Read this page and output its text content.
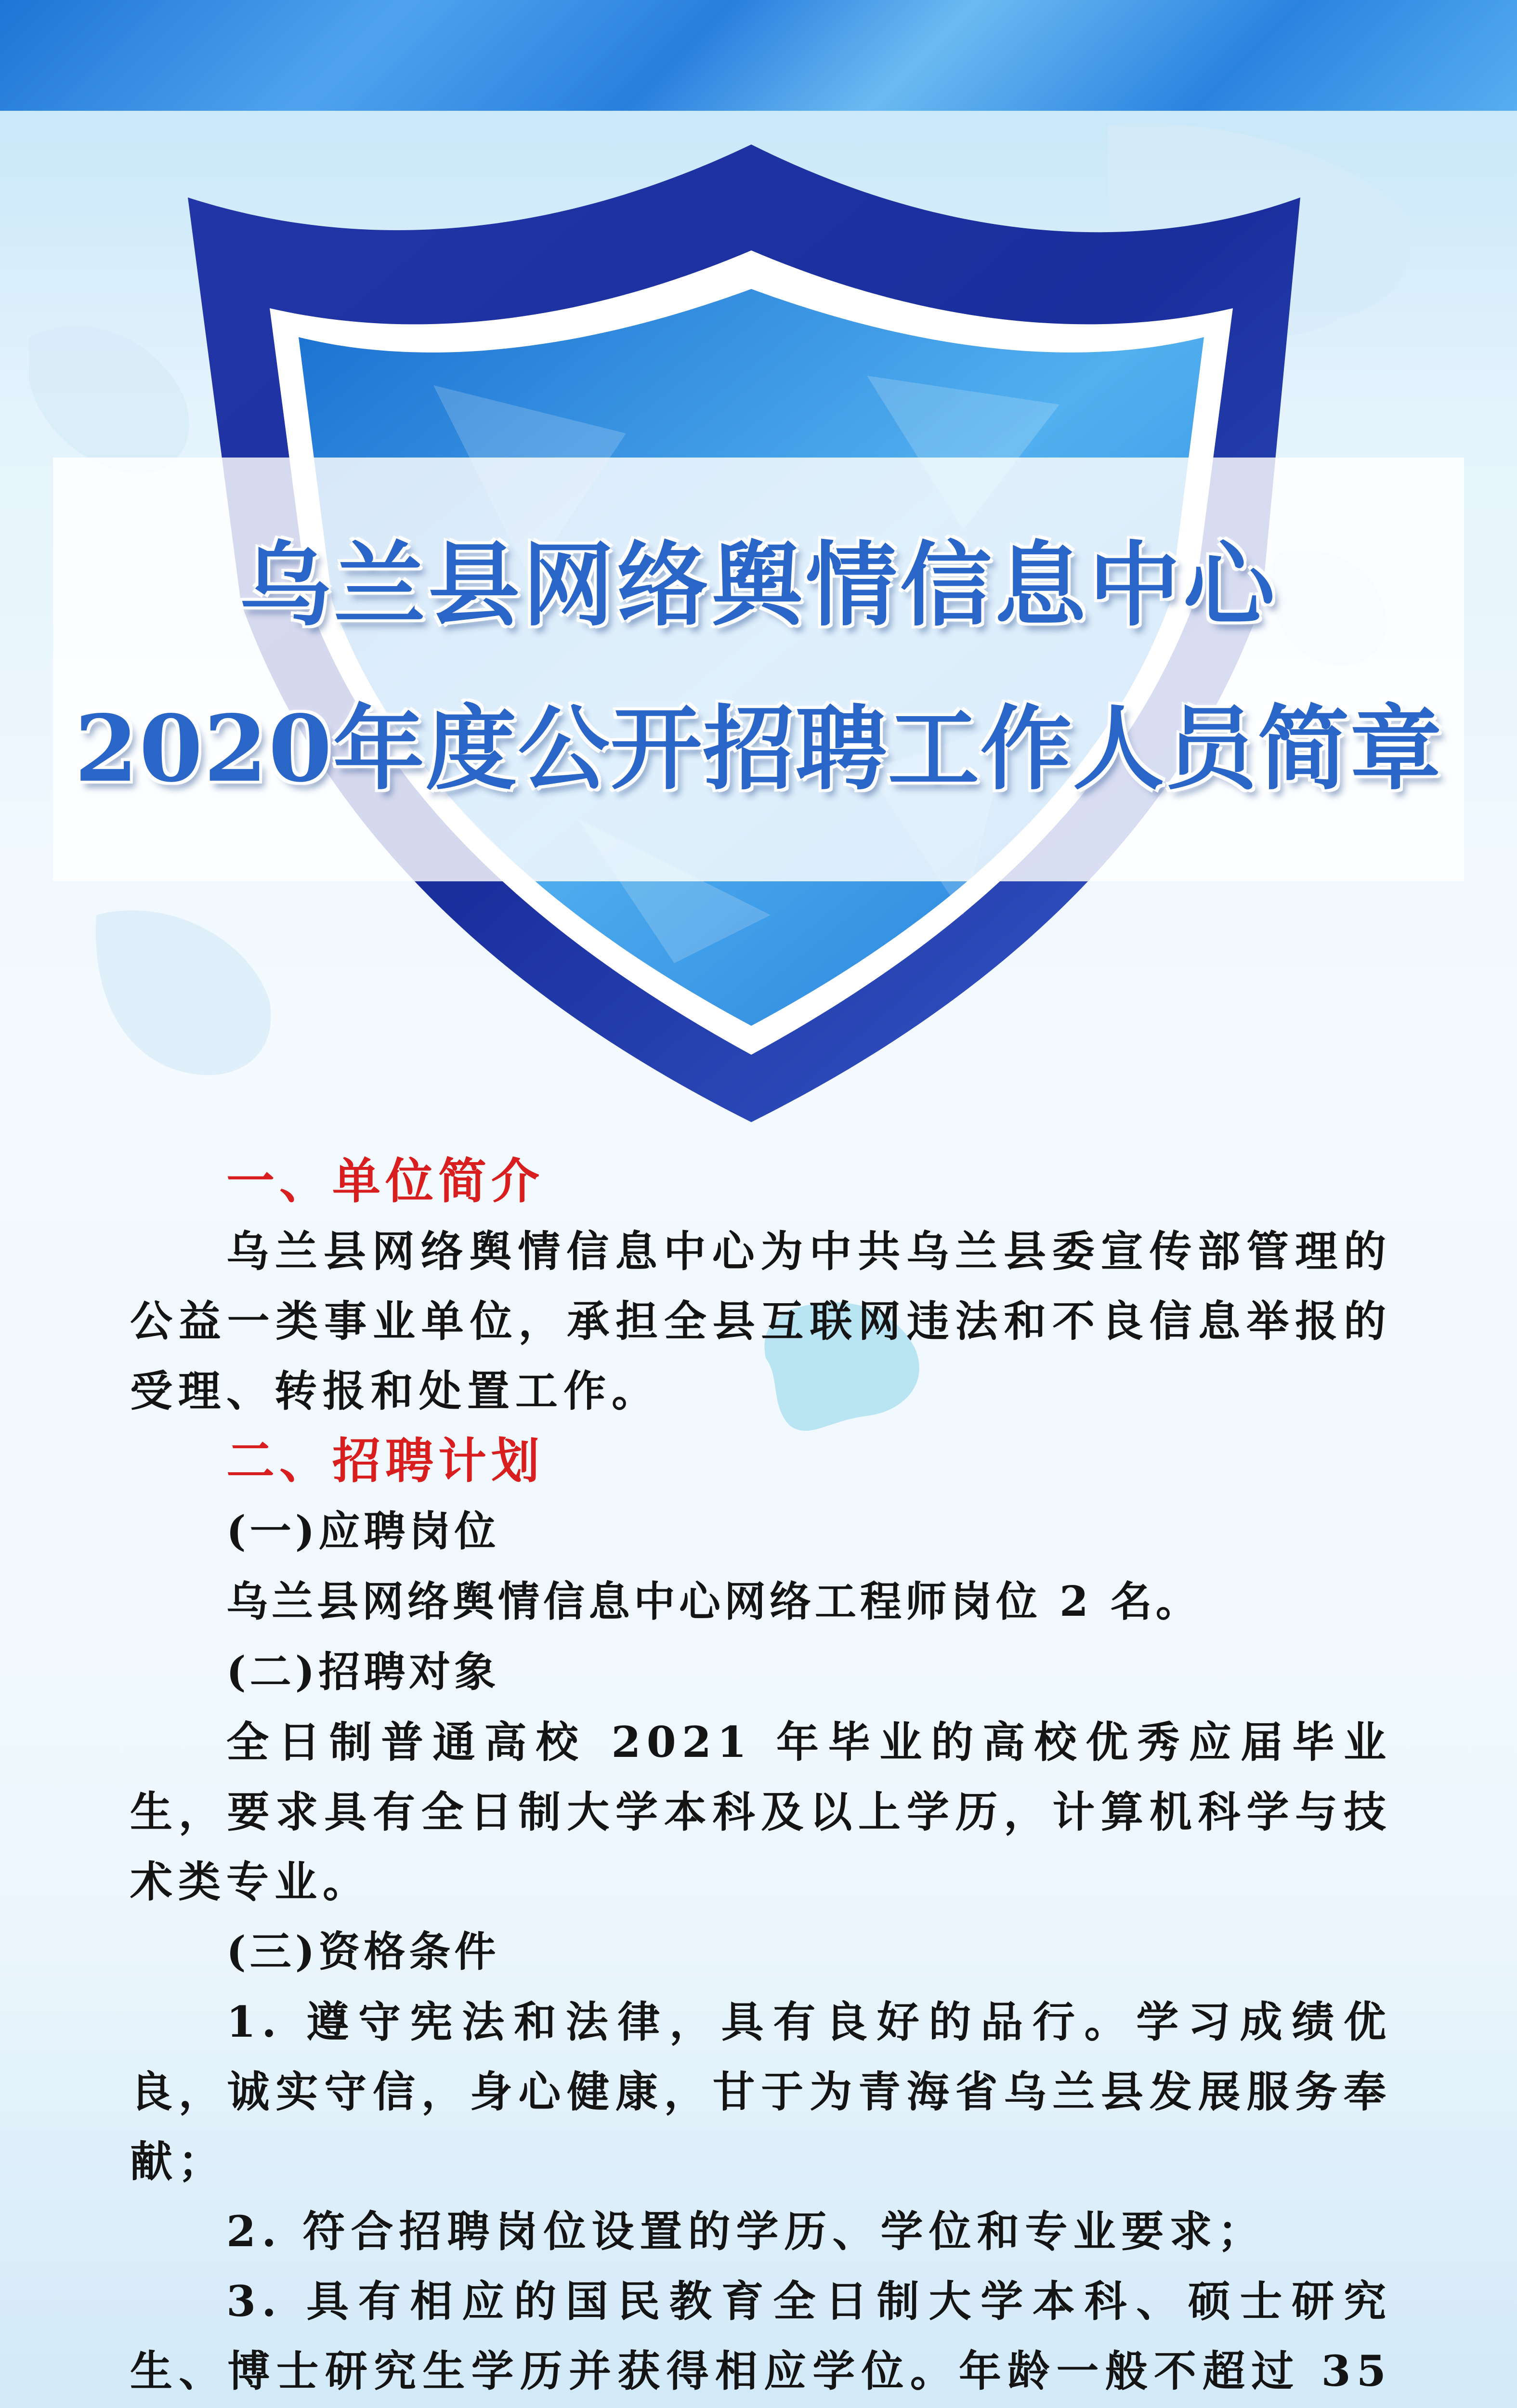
乌兰县网络舆情信息中心
2020年度公开招聘工作人员简章
一、单位简介

乌兰县网络舆情信息中心为中共乌兰县委宣传部管理的公益一类事业单位，承担全县互联网违法和不良信息举报的受理、转报和处置工作。

二、招聘计划
(一)应聘岗位
乌兰县网络舆情信息中心网络工程师岗位 2 名。
(二)招聘对象

全日制普通高校 2021 年毕业的高校优秀应届毕业生，要求具有全日制大学本科及以上学历，计算机科学与技术类专业。

(三)资格条件

1. 遵守宪法和法律，具有良好的品行。学习成绩优良，诚实守信，身心健康，甘于为青海省乌兰县发展服务奉献；

2. 符合招聘岗位设置的学历、学位和专业要求；

3. 具有相应的国民教育全日制大学本科、硕士研究生、博士研究生学历并获得相应学位。年龄一般不超过 35
